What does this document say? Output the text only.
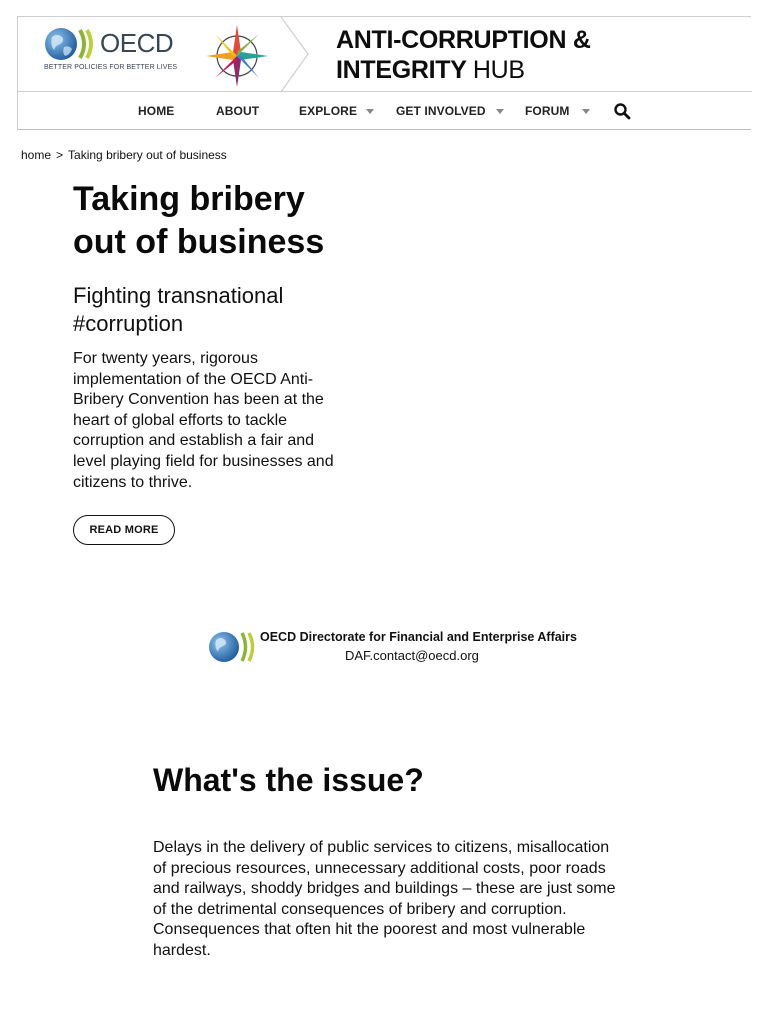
OECD
BETTER POLICIES FOR BETTER LIVES
ANTI-CORRUPTION &
INTEGRITY HUB
HOME	ABOUT	EXPLORE	GET INVOLVED	FORUM
home > Taking bribery out of business
Taking bribery out of business
Fighting transnational #corruption

For twenty years, rigorous implementation of the OECD Anti-Bribery Convention has been at the heart of global efforts to tackle corruption and establish a fair and level playing field for businesses and citizens to thrive.

READ MORE
OECD Directorate for Financial and Enterprise Affairs
DAF.contact@oecd.org
What's the issue?

Delays in the delivery of public services to citizens, misallocation of precious resources, unnecessary additional costs, poor roads and railways, shoddy bridges and buildings – these are just some of the detrimental consequences of bribery and corruption. Consequences that often hit the poorest and most vulnerable hardest.
